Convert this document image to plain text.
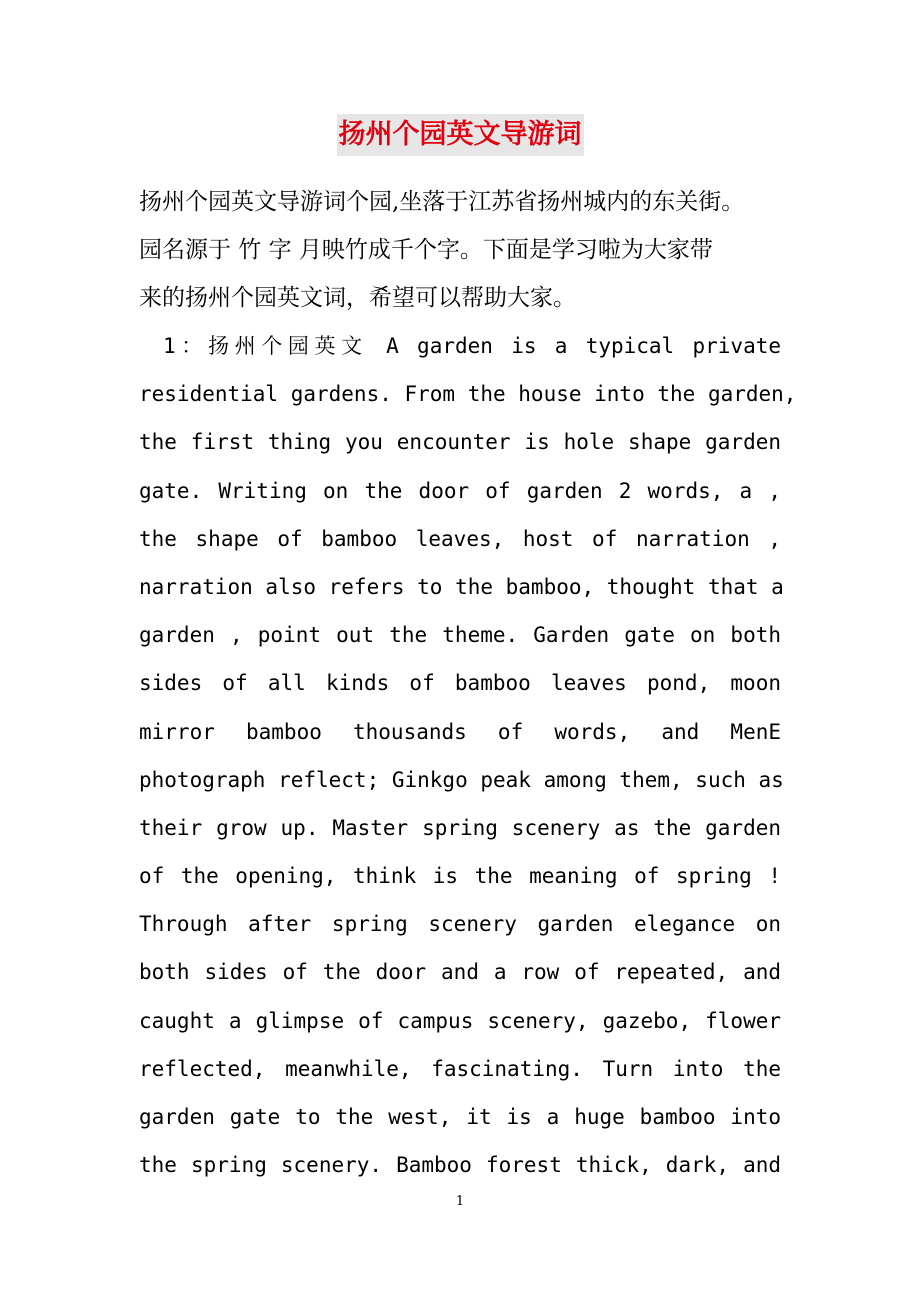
扬州个园英文导游词
扬州个园英文导游词个园,坐落于江苏省扬州城内的东关街。
园名源于 竹 字 月映竹成千个字。下面是学习啦为大家带
来的扬州个园英文词，希望可以帮助大家。
1：扬州个园英文 A garden is a typical private
residential gardens. From the house into the garden,
the first thing you encounter is hole shape garden
gate. Writing on the door of garden 2 words, a ,
the shape of bamboo leaves, host of narration ,
narration also refers to the bamboo, thought that a
garden , point out the theme. Garden gate on both
sides of all kinds of bamboo leaves pond, moon
mirror bamboo thousands of words, and MenE
photograph reflect; Ginkgo peak among them, such as
their grow up. Master spring scenery as the garden
of the opening, think is the meaning of spring !
Through after spring scenery garden elegance on
both sides of the door and a row of repeated, and
caught a glimpse of campus scenery, gazebo, flower
reflected, meanwhile, fascinating. Turn into the
garden gate to the west, it is a huge bamboo into
the spring scenery. Bamboo forest thick, dark, and
1
